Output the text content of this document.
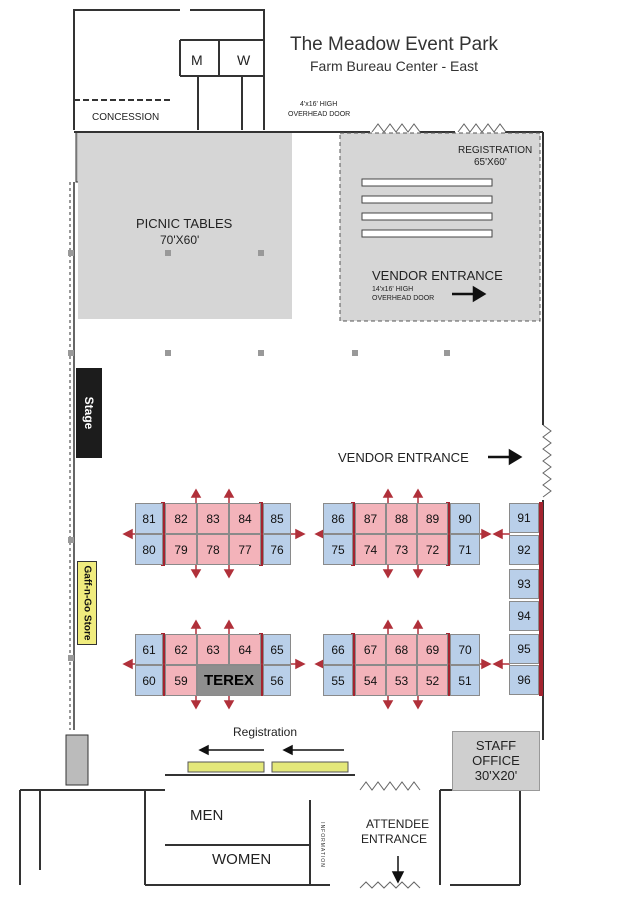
The Meadow Event Park
Farm Bureau Center - East
M W
CONCESSION
4'x16' HIGH
OVERHEAD DOOR
REGISTRATION
65'X60'
PICNIC TABLES
70'X60'
VENDOR ENTRANCE
14'x16' HIGH
OVERHEAD DOOR
VENDOR ENTRANCE
Stage
Gaff-n-Go Store
81	82	83	84	85
80	79	78	77	76
86	87	88	89	90
75	74	73	72	71
61	62	63	64	65
60	59	TEREX	56
66	67	68	69	70
55	54	53	52	51
91
92
93
94
95
96
Registration
STAFF
OFFICE
30'X20'
MEN
WOMEN	INFORMATION	ATTENDEE
ENTRANCE
